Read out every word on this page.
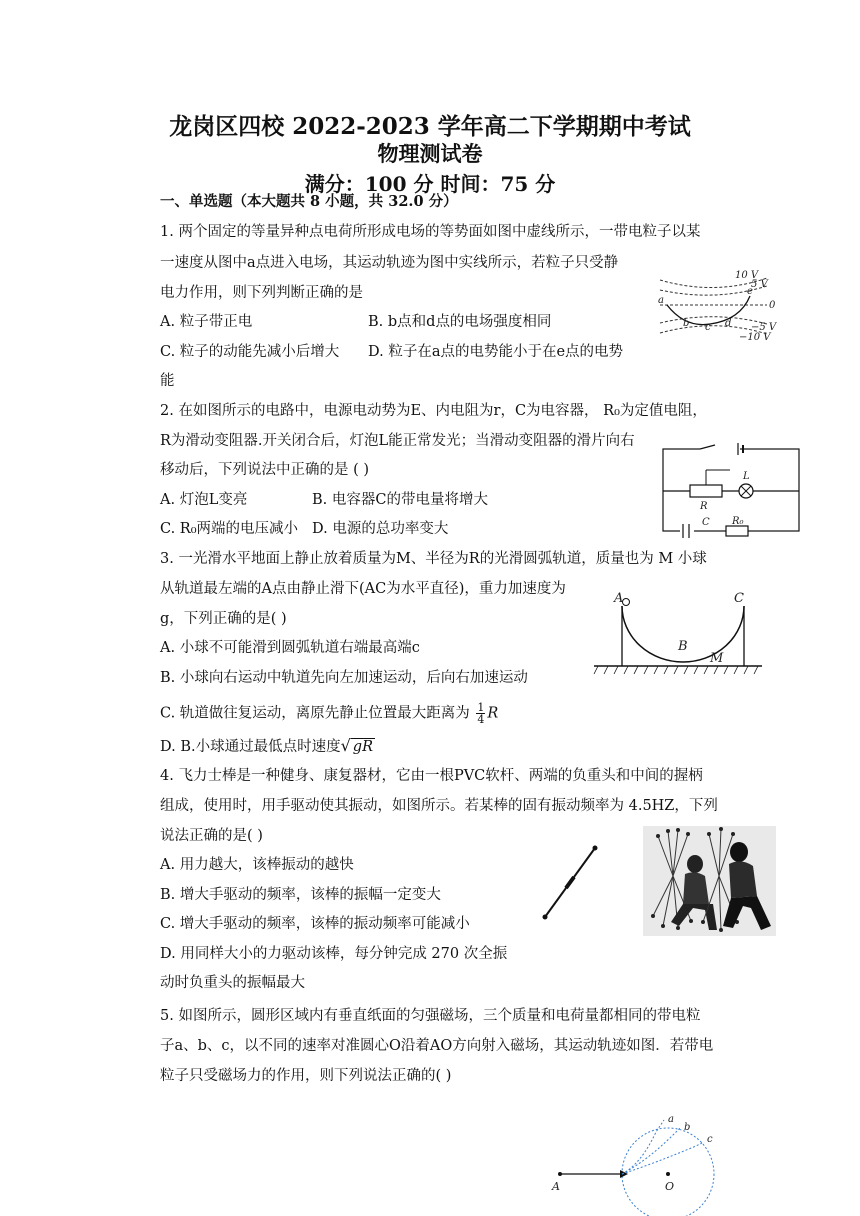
龙岗区四校 2022-2023 学年高二下学期期中考试
物理测试卷
满分：100 分 时间：75 分
一、单选题（本大题共 8 小题，共 32.0 分）
1. 两个固定的等量异种点电荷所形成电场的等势面如图中虚线所示，一带电粒子以某
一速度从图中a点进入电场，其运动轨迹为图中实线所示，若粒子只受静
电力作用，则下列判断正确的是
A. 粒子带正电	B. b点和d点的电场强度相同
C. 粒子的动能先减小后增大 D. 粒子在a点的电势能小于在e点的电势
能
10 V
5 V
0
−5 V
−10 V
a
b c d
e
2. 在如图所示的电路中，电源电动势为E、内电阻为r，C为电容器， R₀为定值电阻，
R为滑动变阻器.开关闭合后，灯泡L能正常发光；当滑动变阻器的滑片向右
移动后，下列说法中正确的是 ( )
A. 灯泡L变亮	B. 电容器C的带电量将增大
C. R₀两端的电压减小 D. 电源的总功率变大
L
R
C R₀
3. 一光滑水平地面上静止放着质量为M、半径为R的光滑圆弧轨道，质量也为 M 小球
从轨道最左端的A点由静止滑下(AC为水平直径)，重力加速度为
g，下列正确的是( )
A. 小球不可能滑到圆弧轨道右端最高端c
B. 小球向右运动中轨道先向左加速运动，后向右加速运动
C. 轨道做往复运动，离原先静止位置最大距离为 $\frac{1}{4}$ R
D. B.小球通过最低点时速度√ gR
A	C
B
M
4. 飞力士棒是一种健身、康复器材，它由一根PVC软杆、两端的负重头和中间的握柄
组成，使用时，用手驱动使其振动，如图所示。若某棒的固有振动频率为 4.5HZ，下列
说法正确的是( )
A. 用力越大，该棒振动的越快
B. 增大手驱动的频率，该棒的振幅一定变大
C. 增大手驱动的频率，该棒的振动频率可能减小
D. 用同样大小的力驱动该棒，每分钟完成 270 次全振
动时负重头的振幅最大
5. 如图所示，圆形区域内有垂直纸面的匀强磁场，三个质量和电荷量都相同的带电粒
子a、b、c，以不同的速率对准圆心O沿着AO方向射入磁场，其运动轨迹如图．若带电
粒子只受磁场力的作用，则下列说法正确的( )
a
b
c
A	O
